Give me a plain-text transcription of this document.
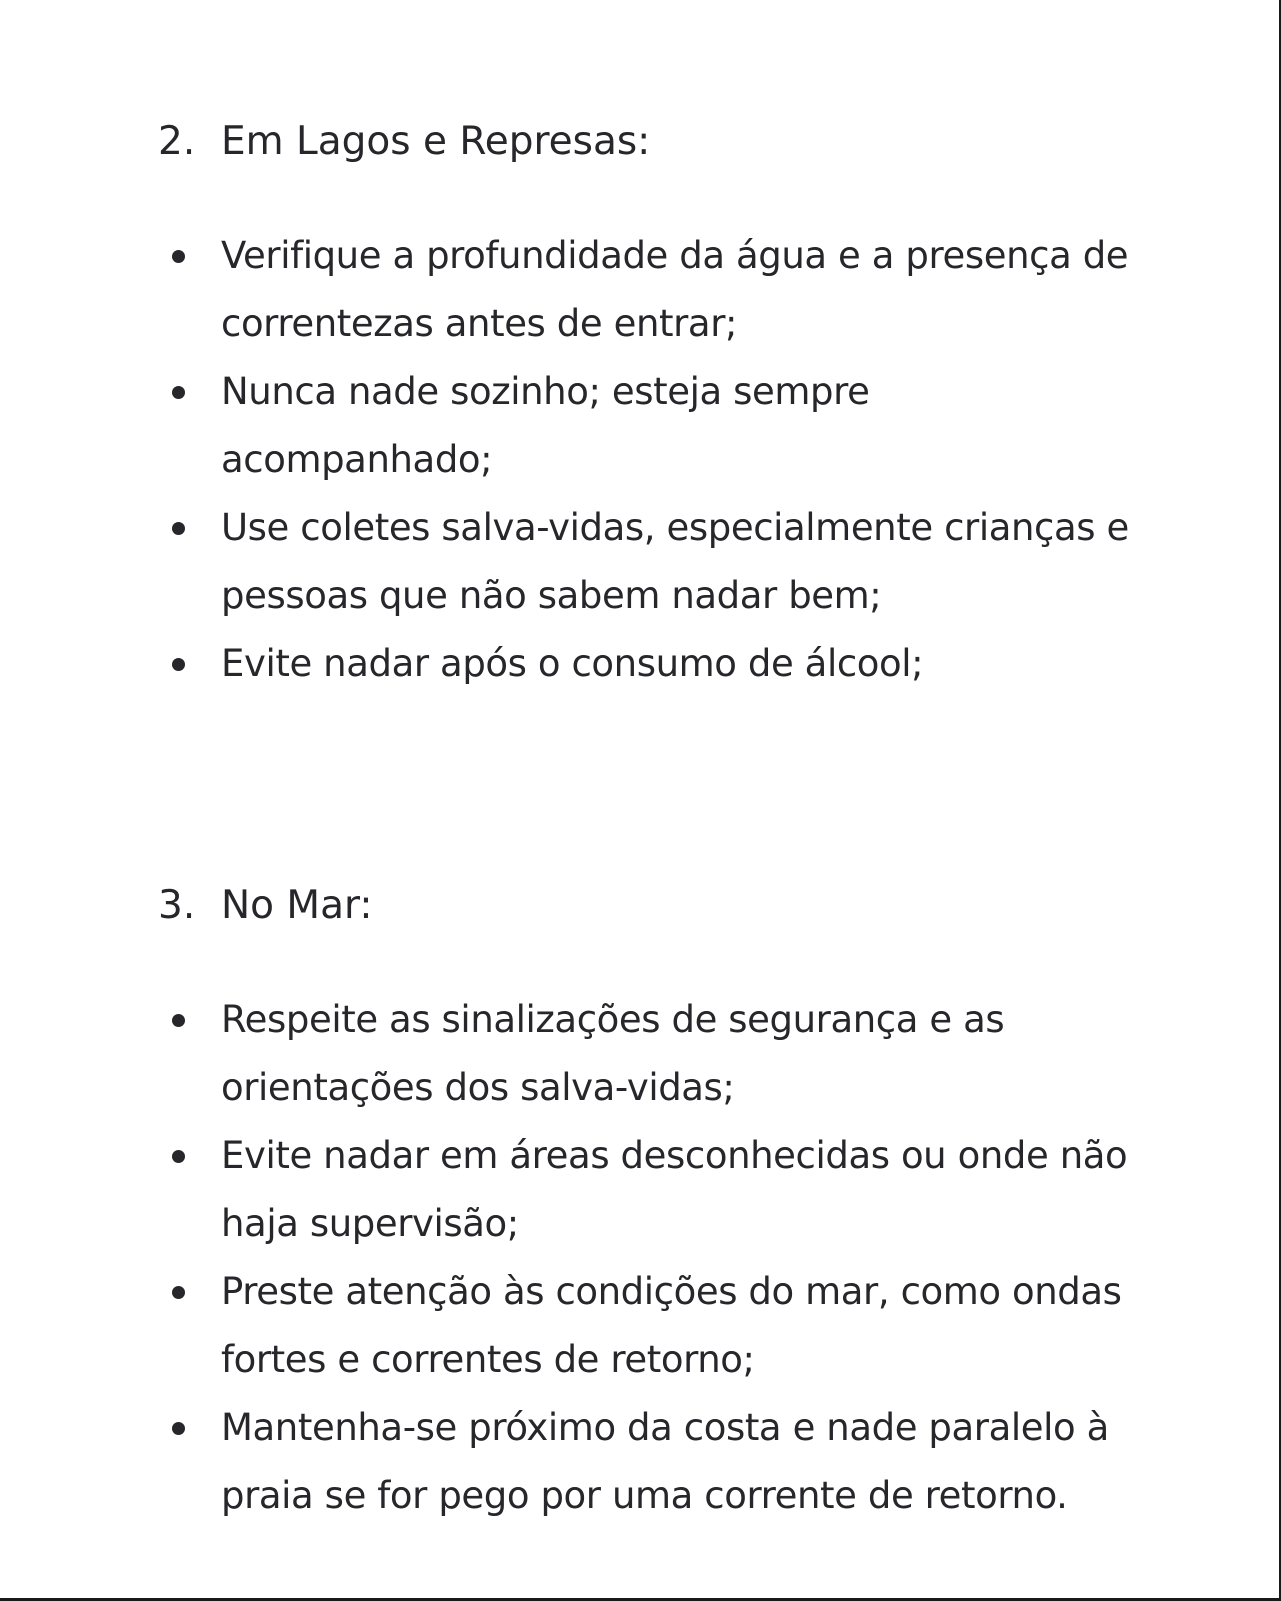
2. Em Lagos e Represas:
Verifique a profundidade da água e a presença de
correntezas antes de entrar;
Nunca nade sozinho; esteja sempre
acompanhado;
Use coletes salva-vidas, especialmente crianças e
pessoas que não sabem nadar bem;
Evite nadar após o consumo de álcool;
3. No Mar:
Respeite as sinalizações de segurança e as
orientações dos salva-vidas;
Evite nadar em áreas desconhecidas ou onde não
haja supervisão;
Preste atenção às condições do mar, como ondas
fortes e correntes de retorno;
Mantenha-se próximo da costa e nade paralelo à
praia se for pego por uma corrente de retorno.
